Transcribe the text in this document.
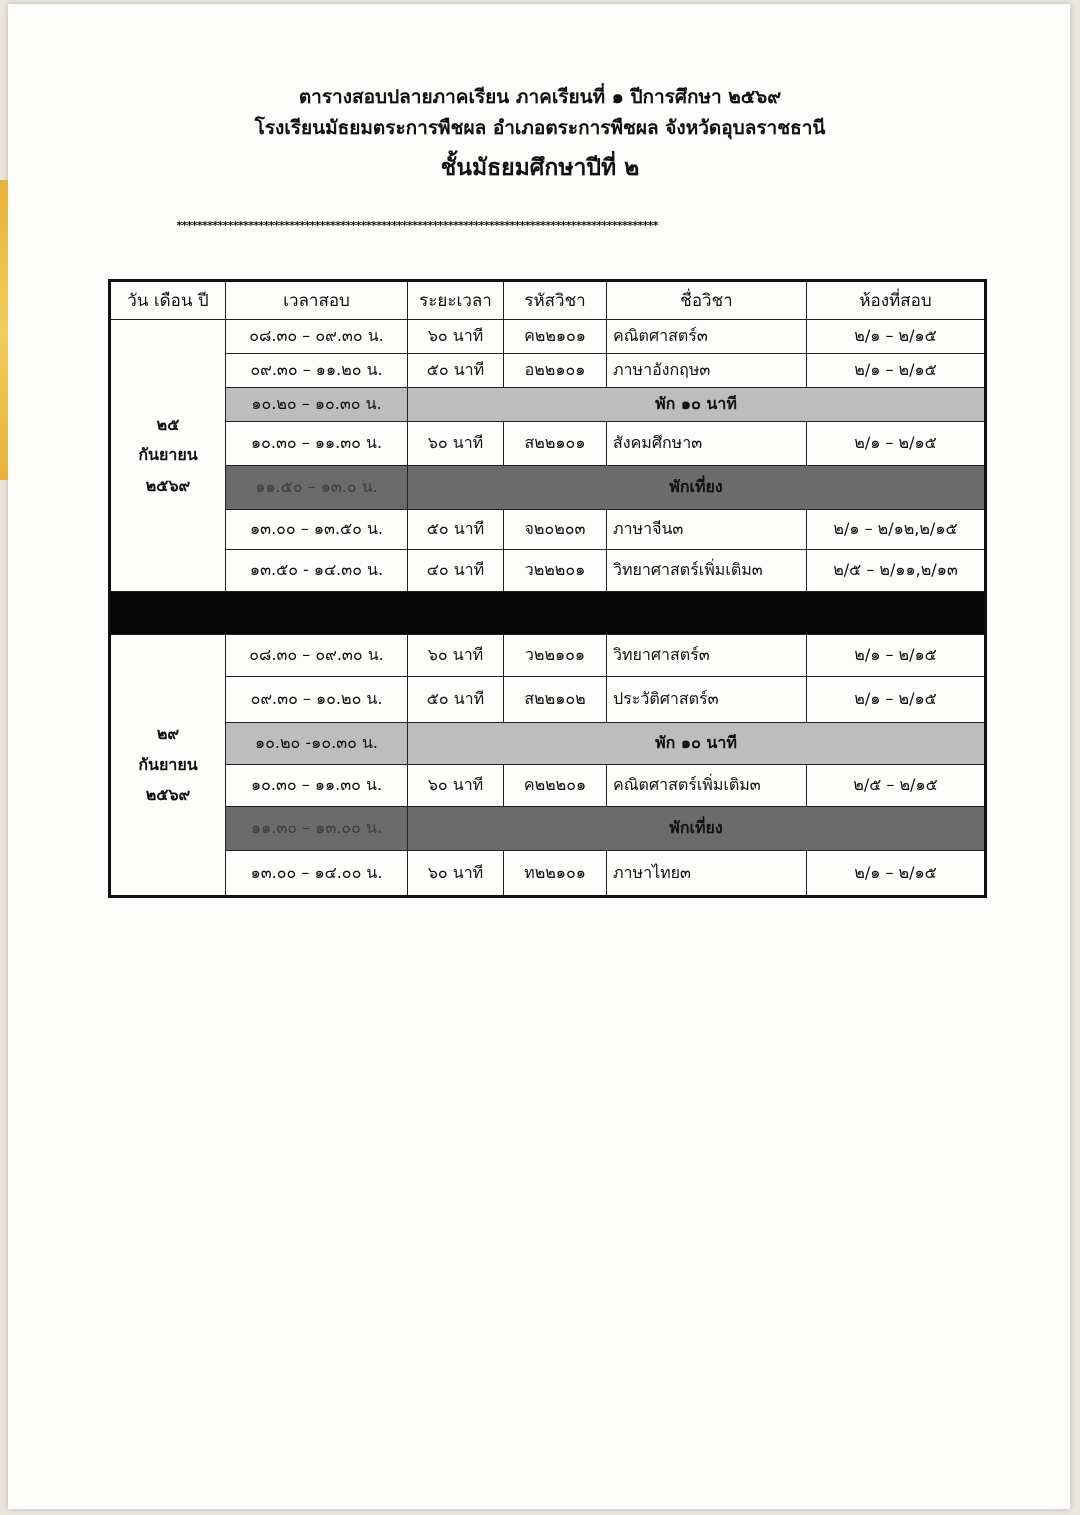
ตารางสอบปลายภาคเรียน ภาคเรียนที่ ๑ ปีการศึกษา ๒๕๖๙
โรงเรียนมัธยมตระการพืชผล อำเภอตระการพืชผล จังหวัดอุบลราชธานี
ชั้นมัธยมศึกษาปีที่ ๒
**********************************************************************************************
วัน เดือน ปี	เวลาสอบ	ระยะเวลา	รหัสวิชา	ชื่อวิชา	ห้องที่สอบ

๒๕
กันยายน
๒๕๖๙	๐๘.๓๐ – ๐๙.๓๐ น.	๖๐ นาที	ค๒๒๑๐๑	คณิตศาสตร์๓	๒/๑ – ๒/๑๕
	๐๙.๓๐ – ๑๑.๒๐ น.	๕๐ นาที	อ๒๒๑๐๑	ภาษาอังกฤษ๓	๒/๑ – ๒/๑๕
	๑๐.๒๐ – ๑๐.๓๐ น.	พัก ๑๐ นาที			
	๑๐.๓๐ – ๑๑.๓๐ น.	๖๐ นาที	ส๒๒๑๐๑	สังคมศึกษา๓	๒/๑ – ๒/๑๕
	๑๑.๕๐ – ๑๓.๐ น.	พักเที่ยง			
	๑๓.๐๐ – ๑๓.๕๐ น.	๕๐ นาที	จ๒๐๒๐๓	ภาษาจีน๓	๒/๑ – ๒/๑๒,๒/๑๕
	๑๓.๕๐ - ๑๔.๓๐ น.	๔๐ นาที	ว๒๒๒๐๑	วิทยาศาสตร์เพิ่มเติม๓	๒/๕ – ๒/๑๑,๒/๑๓

๒๙
กันยายน
๒๕๖๙	๐๘.๓๐ – ๐๙.๓๐ น.	๖๐ นาที	ว๒๒๑๐๑	วิทยาศาสตร์๓	๒/๑ – ๒/๑๕
	๐๙.๓๐ – ๑๐.๒๐ น.	๕๐ นาที	ส๒๒๑๐๒	ประวัติศาสตร์๓	๒/๑ – ๒/๑๕
	๑๐.๒๐ -๑๐.๓๐ น.	พัก ๑๐ นาที			
	๑๐.๓๐ – ๑๑.๓๐ น.	๖๐ นาที	ค๒๒๒๐๑	คณิตศาสตร์เพิ่มเติม๓	๒/๕ – ๒/๑๕
	๑๑.๓๐ – ๑๓.๐๐ น.	พักเที่ยง			
	๑๓.๐๐ – ๑๔.๐๐ น.	๖๐ นาที	ท๒๒๑๐๑	ภาษาไทย๓	๒/๑ – ๒/๑๕
